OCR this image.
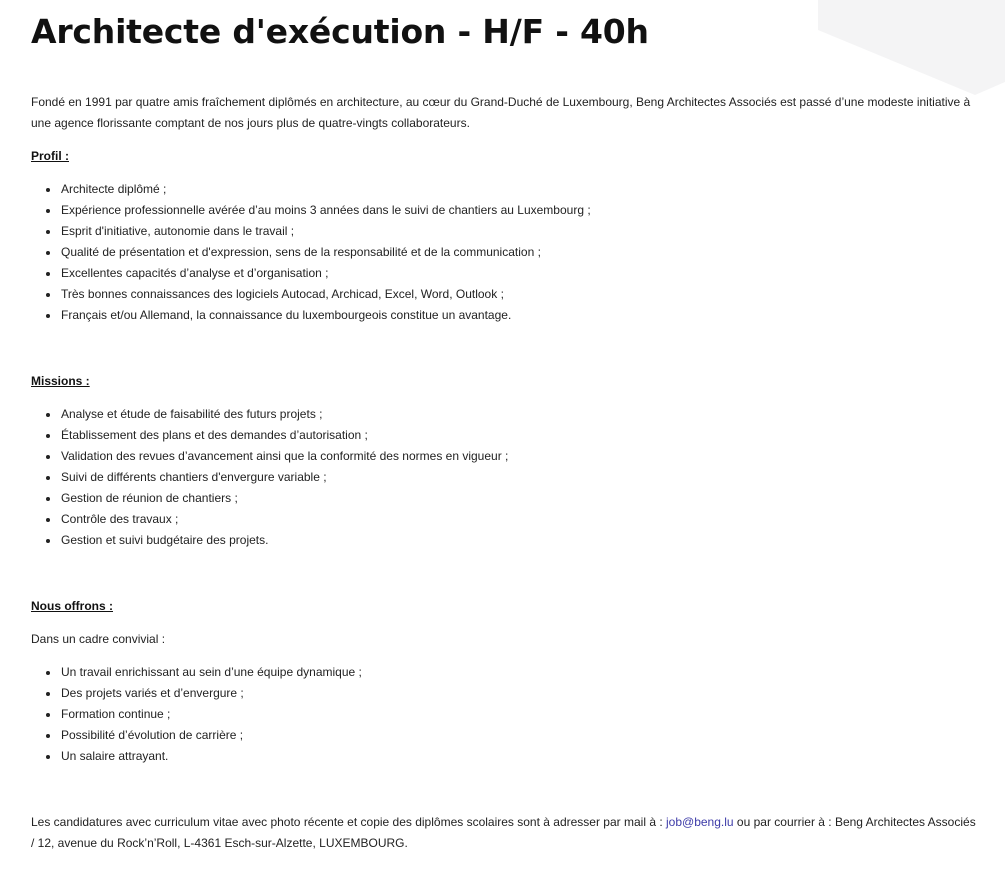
Architecte d'exécution - H/F - 40h

Fondé en 1991 par quatre amis fraîchement diplômés en architecture, au cœur du Grand-Duché de Luxembourg, Beng Architectes Associés est passé d’une modeste initiative à une agence florissante comptant de nos jours plus de quatre-vingts collaborateurs.

Profil :
Architecte diplômé ;
Expérience professionnelle avérée d’au moins 3 années dans le suivi de chantiers au Luxembourg ;
Esprit d'initiative, autonomie dans le travail ;
Qualité de présentation et d'expression, sens de la responsabilité et de la communication ;
Excellentes capacités d’analyse et d’organisation ;
Très bonnes connaissances des logiciels Autocad, Archicad, Excel, Word, Outlook ;
Français et/ou Allemand, la connaissance du luxembourgeois constitue un avantage.
Missions :
Analyse et étude de faisabilité des futurs projets ;
Établissement des plans et des demandes d’autorisation ;
Validation des revues d’avancement ainsi que la conformité des normes en vigueur ;
Suivi de différents chantiers d'envergure variable ;
Gestion de réunion de chantiers ;
Contrôle des travaux ;
Gestion et suivi budgétaire des projets.
Nous offrons :
Dans un cadre convivial :
Un travail enrichissant au sein d’une équipe dynamique ;
Des projets variés et d’envergure ;
Formation continue ;
Possibilité d’évolution de carrière ;
Un salaire attrayant.

Les candidatures avec curriculum vitae avec photo récente et copie des diplômes scolaires sont à adresser par mail à : job@beng.lu ou par courrier à : Beng Architectes Associés / 12, avenue du Rock’n’Roll, L-4361 Esch-sur-Alzette, LUXEMBOURG.
